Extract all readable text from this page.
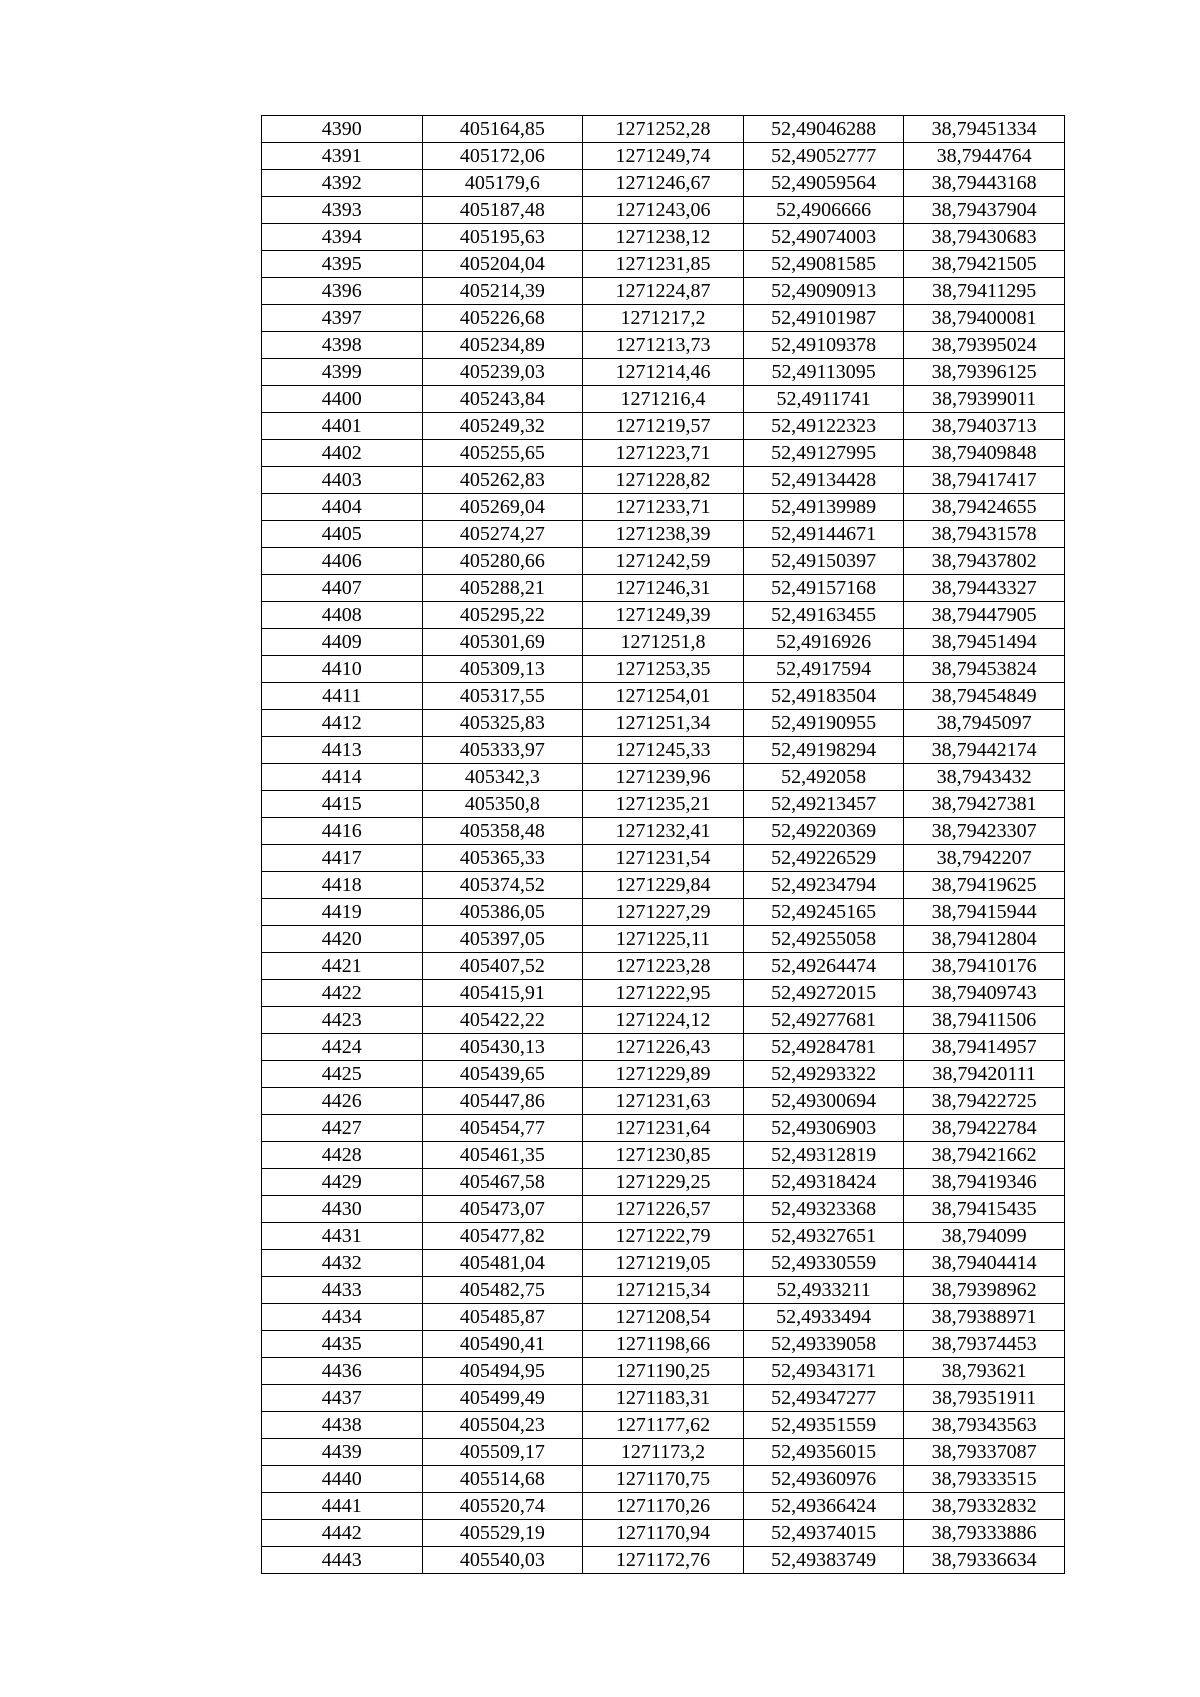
4390	405164,85	1271252,28	52,49046288	38,79451334
4391	405172,06	1271249,74	52,49052777	38,7944764
4392	405179,6	1271246,67	52,49059564	38,79443168
4393	405187,48	1271243,06	52,4906666	38,79437904
4394	405195,63	1271238,12	52,49074003	38,79430683
4395	405204,04	1271231,85	52,49081585	38,79421505
4396	405214,39	1271224,87	52,49090913	38,79411295
4397	405226,68	1271217,2	52,49101987	38,79400081
4398	405234,89	1271213,73	52,49109378	38,79395024
4399	405239,03	1271214,46	52,49113095	38,79396125
4400	405243,84	1271216,4	52,4911741	38,79399011
4401	405249,32	1271219,57	52,49122323	38,79403713
4402	405255,65	1271223,71	52,49127995	38,79409848
4403	405262,83	1271228,82	52,49134428	38,79417417
4404	405269,04	1271233,71	52,49139989	38,79424655
4405	405274,27	1271238,39	52,49144671	38,79431578
4406	405280,66	1271242,59	52,49150397	38,79437802
4407	405288,21	1271246,31	52,49157168	38,79443327
4408	405295,22	1271249,39	52,49163455	38,79447905
4409	405301,69	1271251,8	52,4916926	38,79451494
4410	405309,13	1271253,35	52,4917594	38,79453824
4411	405317,55	1271254,01	52,49183504	38,79454849
4412	405325,83	1271251,34	52,49190955	38,7945097
4413	405333,97	1271245,33	52,49198294	38,79442174
4414	405342,3	1271239,96	52,492058	38,7943432
4415	405350,8	1271235,21	52,49213457	38,79427381
4416	405358,48	1271232,41	52,49220369	38,79423307
4417	405365,33	1271231,54	52,49226529	38,7942207
4418	405374,52	1271229,84	52,49234794	38,79419625
4419	405386,05	1271227,29	52,49245165	38,79415944
4420	405397,05	1271225,11	52,49255058	38,79412804
4421	405407,52	1271223,28	52,49264474	38,79410176
4422	405415,91	1271222,95	52,49272015	38,79409743
4423	405422,22	1271224,12	52,49277681	38,79411506
4424	405430,13	1271226,43	52,49284781	38,79414957
4425	405439,65	1271229,89	52,49293322	38,79420111
4426	405447,86	1271231,63	52,49300694	38,79422725
4427	405454,77	1271231,64	52,49306903	38,79422784
4428	405461,35	1271230,85	52,49312819	38,79421662
4429	405467,58	1271229,25	52,49318424	38,79419346
4430	405473,07	1271226,57	52,49323368	38,79415435
4431	405477,82	1271222,79	52,49327651	38,794099
4432	405481,04	1271219,05	52,49330559	38,79404414
4433	405482,75	1271215,34	52,4933211	38,79398962
4434	405485,87	1271208,54	52,4933494	38,79388971
4435	405490,41	1271198,66	52,49339058	38,79374453
4436	405494,95	1271190,25	52,49343171	38,793621
4437	405499,49	1271183,31	52,49347277	38,79351911
4438	405504,23	1271177,62	52,49351559	38,79343563
4439	405509,17	1271173,2	52,49356015	38,79337087
4440	405514,68	1271170,75	52,49360976	38,79333515
4441	405520,74	1271170,26	52,49366424	38,79332832
4442	405529,19	1271170,94	52,49374015	38,79333886
4443	405540,03	1271172,76	52,49383749	38,79336634
